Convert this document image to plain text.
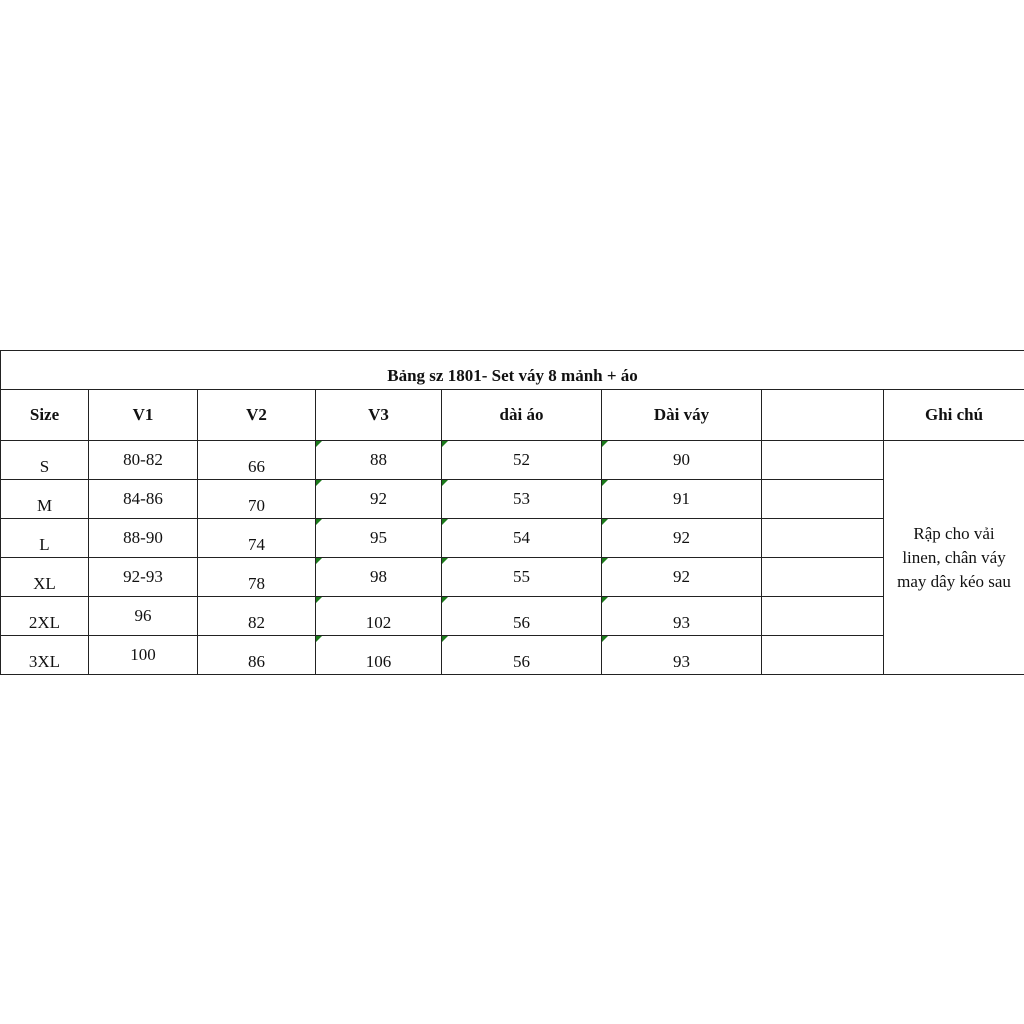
Bảng sz 1801- Set váy 8 mảnh + áo							
Size	V1	V2	V3	dài áo	Dài váy		Ghi chú
S	80-82	66	88	52	90		Rập cho vải
linen, chân váy
may dây kéo sau

M	84-86	70	92	53	91		
L	88-90	74	95	54	92		
XL	92-93	78	98	55	92		
2XL	96	82	102	56	93		
3XL	100	86	106	56	93		
